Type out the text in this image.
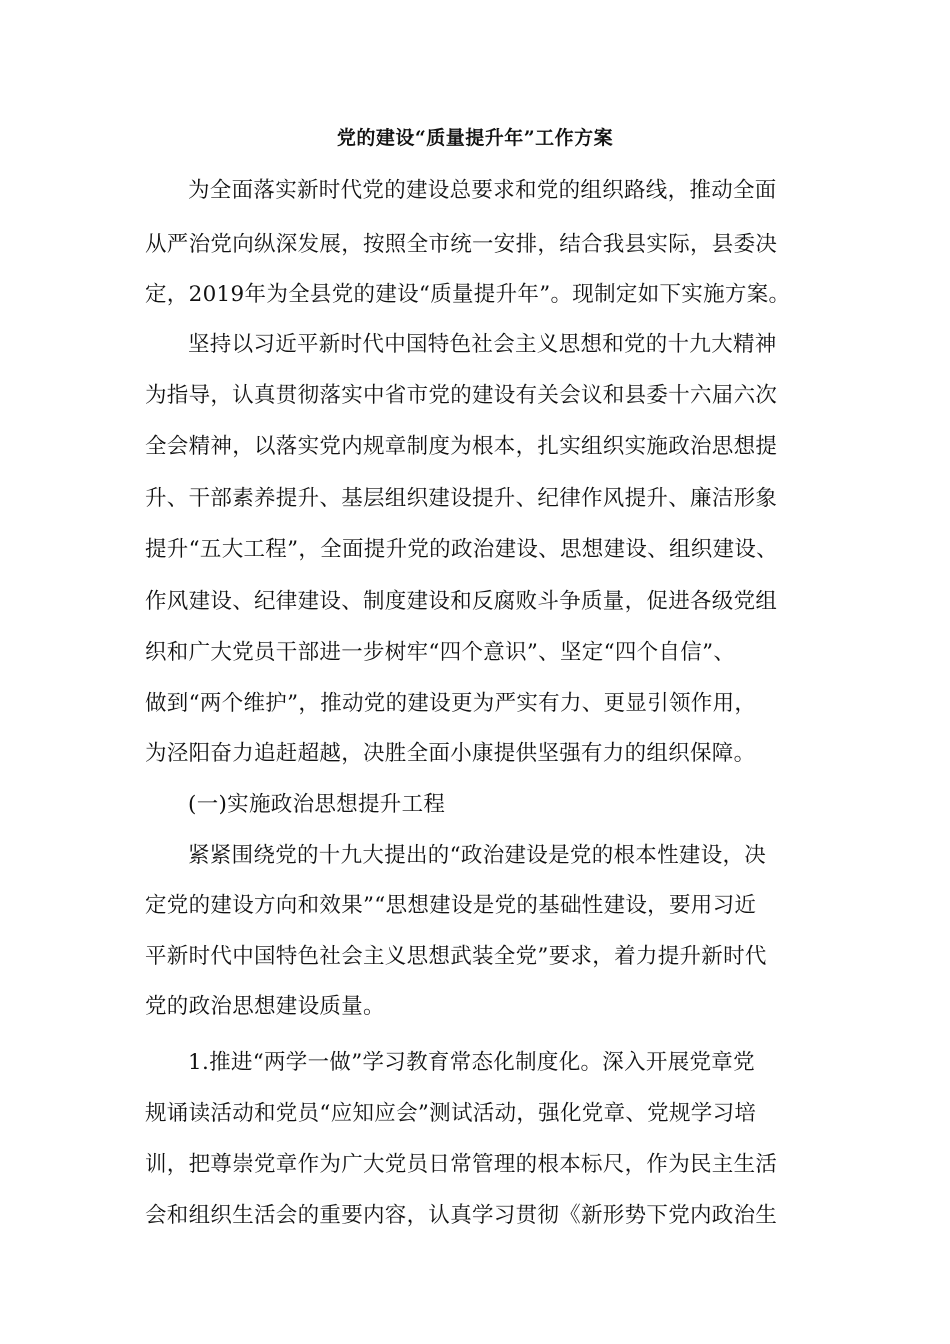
党的建设“质量提升年”工作方案
为全面落实新时代党的建设总要求和党的组织路线，推动全面
从严治党向纵深发展，按照全市统一安排，结合我县实际，县委决
定，2019年为全县党的建设“质量提升年”。现制定如下实施方案。
坚持以习近平新时代中国特色社会主义思想和党的十九大精神
为指导，认真贯彻落实中省市党的建设有关会议和县委十六届六次
全会精神，以落实党内规章制度为根本，扎实组织实施政治思想提
升、干部素养提升、基层组织建设提升、纪律作风提升、廉洁形象
提升“五大工程”，全面提升党的政治建设、思想建设、组织建设、
作风建设、纪律建设、制度建设和反腐败斗争质量，促进各级党组
织和广大党员干部进一步树牢“四个意识”、坚定“四个自信”、
做到“两个维护”，推动党的建设更为严实有力、更显引领作用，
为泾阳奋力追赶超越，决胜全面小康提供坚强有力的组织保障。
(一)实施政治思想提升工程
紧紧围绕党的十九大提出的“政治建设是党的根本性建设，决
定党的建设方向和效果”“思想建设是党的基础性建设，要用习近
平新时代中国特色社会主义思想武装全党”要求，着力提升新时代
党的政治思想建设质量。
1.推进“两学一做”学习教育常态化制度化。深入开展党章党
规诵读活动和党员“应知应会”测试活动，强化党章、党规学习培
训，把尊崇党章作为广大党员日常管理的根本标尺，作为民主生活
会和组织生活会的重要内容，认真学习贯彻《新形势下党内政治生
